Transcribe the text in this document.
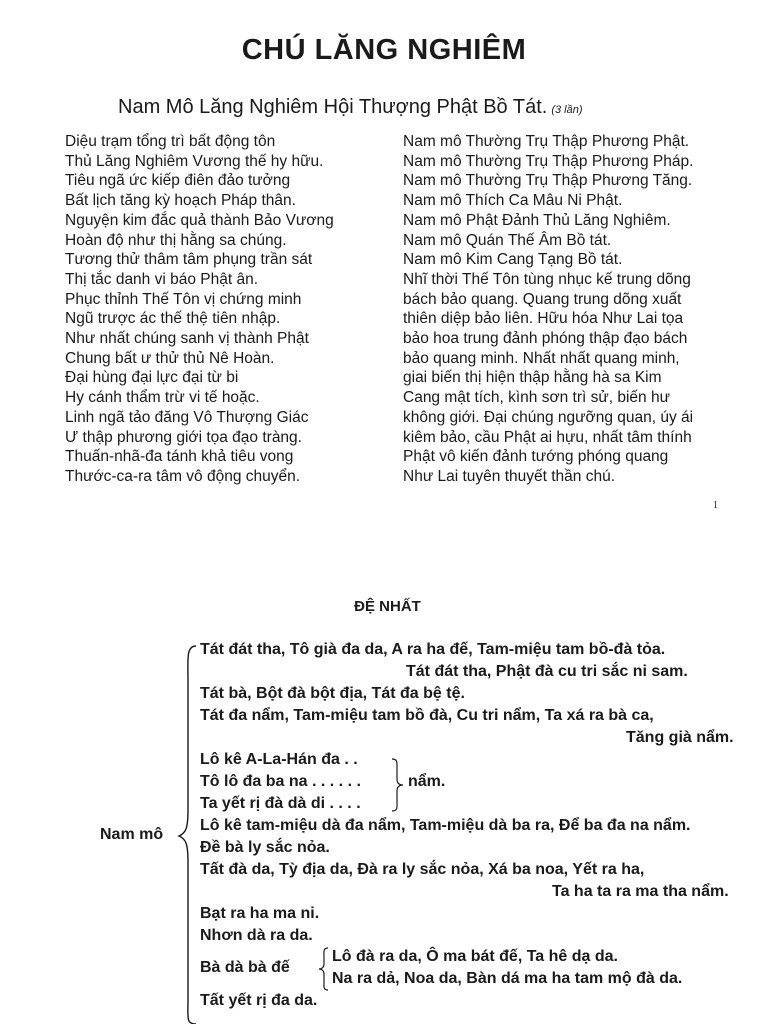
CHÚ LĂNG NGHIÊM
Nam Mô Lăng Nghiêm Hội Thượng Phật Bồ Tát. (3 lần)
Diệu trạm tổng trì bất động tôn
Thủ Lăng Nghiêm Vương thế hy hữu.
Tiêu ngã ức kiếp điên đảo tưởng
Bất lịch tăng kỳ hoạch Pháp thân.
Nguyện kim đắc quả thành Bảo Vương
Hoàn độ như thị hằng sa chúng.
Tương thử thâm tâm phụng trần sát
Thị tắc danh vi báo Phật ân.
Phục thỉnh Thế Tôn vị chứng minh
Ngũ trược ác thế thệ tiên nhập.
Như nhất chúng sanh vị thành Phật
Chung bất ư thử thủ Nê Hoàn.
Đại hùng đại lực đại từ bi
Hy cánh thẩm trừ vi tế hoặc.
Linh ngã tảo đăng Vô Thượng Giác
Ư thập phương giới tọa đạo tràng.
Thuấn-nhã-đa tánh khả tiêu vong
Thước-ca-ra tâm vô động chuyển.
Nam mô Thường Trụ Thập Phương Phật.
Nam mô Thường Trụ Thập Phương Pháp.
Nam mô Thường Trụ Thập Phương Tăng.
Nam mô Thích Ca Mâu Ni Phật.
Nam mô Phật Đảnh Thủ Lăng Nghiêm.
Nam mô Quán Thế Âm Bồ tát.
Nam mô Kim Cang Tạng Bồ tát.
Nhĩ thời Thế Tôn tùng nhục kế trung dõng
bách bảo quang. Quang trung dõng xuất
thiên diệp bảo liên. Hữu hóa Như Lai tọa
bảo hoa trung đảnh phóng thập đạo bách
bảo quang minh. Nhất nhất quang minh,
giai biến thị hiện thập hằng hà sa Kim
Cang mật tích, kình sơn trì sử, biến hư
không giới. Đại chúng ngưỡng quan, úy ái
kiêm bảo, cầu Phật ai hựu, nhất tâm thính
Phật vô kiến đảnh tướng phóng quang
Như Lai tuyên thuyết thần chú.
1
ĐỆ NHẤT
Nam mô
Tát đát tha, Tô già đa da, A ra ha đế, Tam-miệu tam bồ-đà tỏa.
Tát đát tha, Phật đà cu tri sắc ni sam.
Tát bà, Bột đà bột địa, Tát đa bệ tệ.
Tát đa nẩm, Tam-miệu tam bồ đà, Cu tri nẩm, Ta xá ra bà ca,
Tăng già nẩm.
Lô kê A-La-Hán đa . .
Tô lô đa ba na . . . . . .
Ta yết rị đà dà di . . . .
nẩm.
Lô kê tam-miệu dà đa nẩm, Tam-miệu dà ba ra, Để ba đa na nẩm.
Đề bà ly sắc nỏa.
Tất đà da, Tỳ địa da, Đà ra ly sắc nỏa, Xá ba noa, Yết ra ha,
Ta ha ta ra ma tha nẩm.
Bạt ra ha ma ni.
Nhơn dà ra da.
Bà dà bà đế
Lô đà ra da, Ô ma bát đế, Ta hê dạ da.
Na ra dả, Noa da, Bàn dá ma ha tam mộ đà da.
Tất yết rị đa da.
